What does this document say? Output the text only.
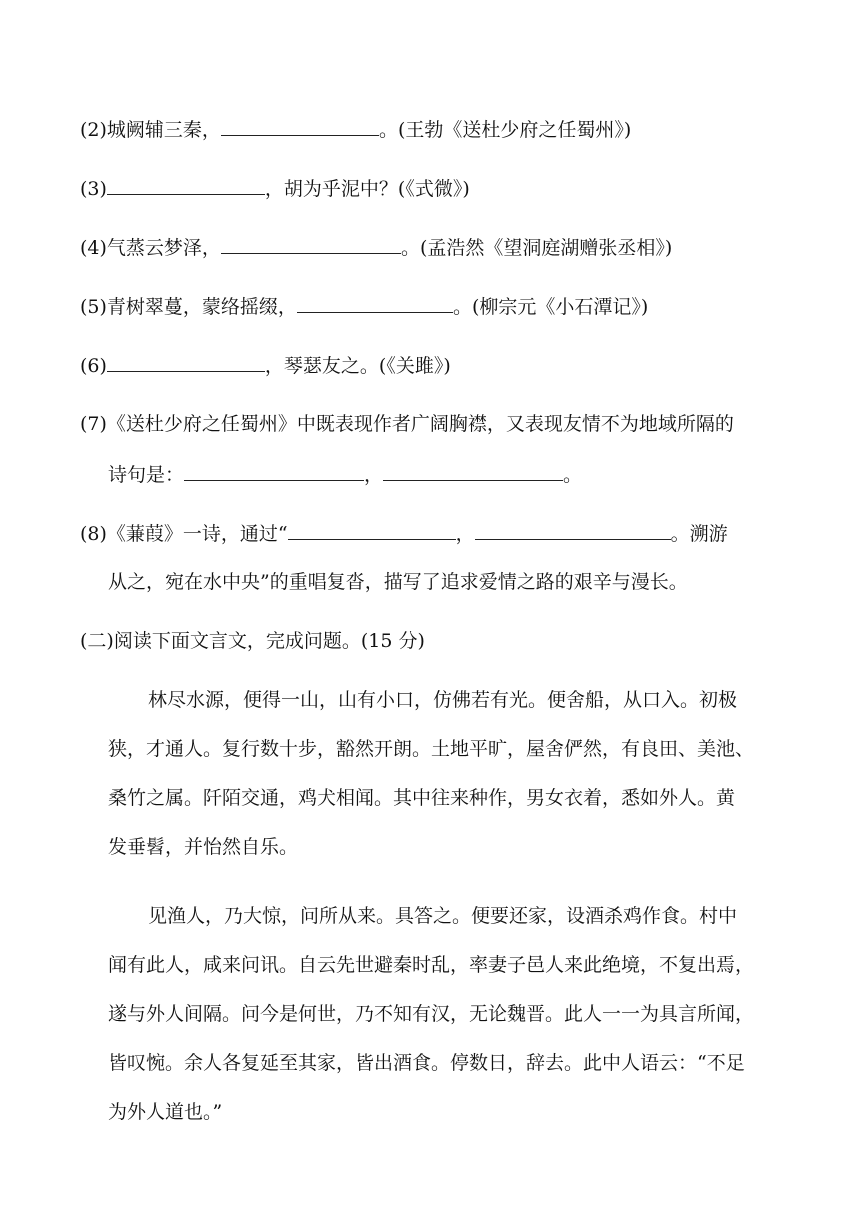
(2)城阙辅三秦，	。(王勃《送杜少府之任蜀州》)
(3)	，胡为乎泥中？(《式微》)
(4)气蒸云梦泽，	。(孟浩然《望洞庭湖赠张丞相》)
(5)青树翠蔓，蒙络摇缀，	。(柳宗元《小石潭记》)
(6)	，琴瑟友之。(《关雎》)
(7)《送杜少府之任蜀州》中既表现作者广阔胸襟，又表现友情不为地域所隔的
诗句是：	，	。
(8)《蒹葭》一诗，通过“	，	。溯游
从之，宛在水中央”的重唱复沓，描写了追求爱情之路的艰辛与漫长。
(二)阅读下面文言文，完成问题。(15 分)
林尽水源，便得一山，山有小口，仿佛若有光。便舍船，从口入。初极
狭，才通人。复行数十步，豁然开朗。土地平旷，屋舍俨然，有良田、美池、
桑竹之属。阡陌交通，鸡犬相闻。其中往来种作，男女衣着，悉如外人。黄
发垂髫，并怡然自乐。
见渔人，乃大惊，问所从来。具答之。便要还家，设酒杀鸡作食。村中
闻有此人，咸来问讯。自云先世避秦时乱，率妻子邑人来此绝境，不复出焉，
遂与外人间隔。问今是何世，乃不知有汉，无论魏晋。此人一一为具言所闻，
皆叹惋。余人各复延至其家，皆出酒食。停数日，辞去。此中人语云：“不足
为外人道也。”
